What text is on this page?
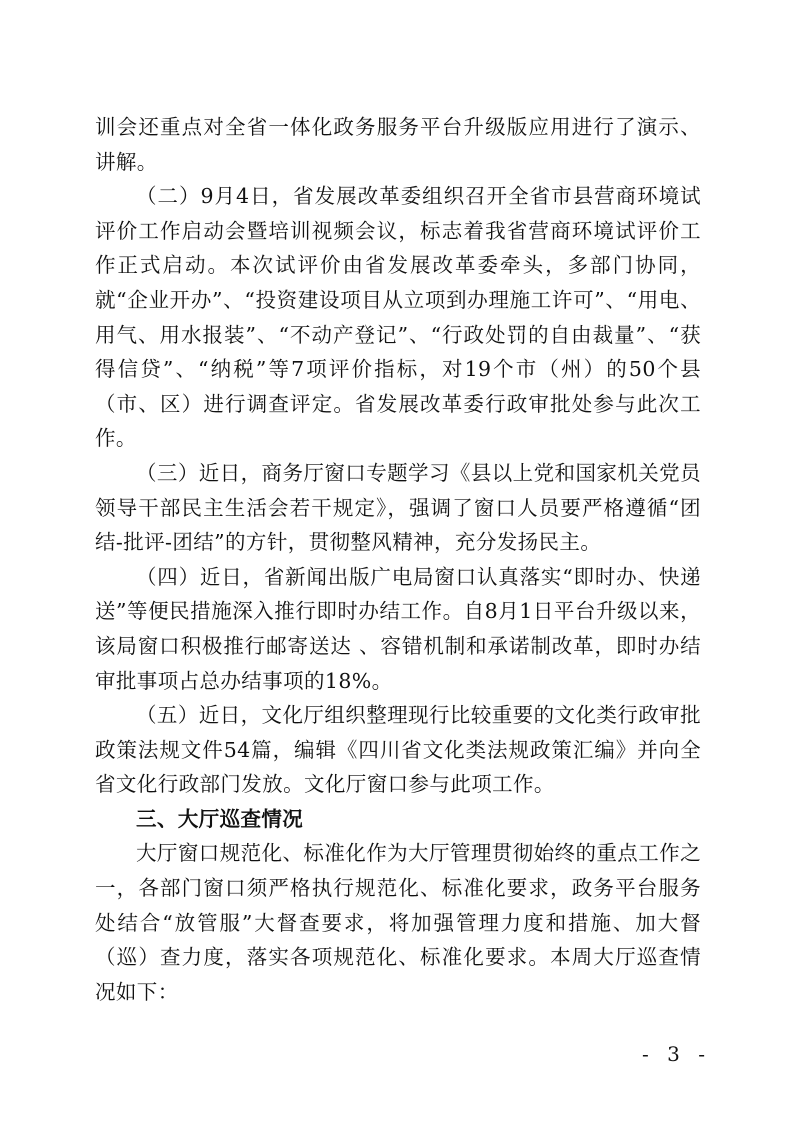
训会还重点对全省一体化政务服务平台升级版应用进行了演示、讲解。

（二）9月4日，省发展改革委组织召开全省市县营商环境试评价工作启动会暨培训视频会议，标志着我省营商环境试评价工作正式启动。本次试评价由省发展改革委牵头，多部门协同，就“企业开办”、“投资建设项目从立项到办理施工许可”、“用电、用气、用水报装”、“不动产登记”、“行政处罚的自由裁量”、“获得信贷”、“纳税”等7项评价指标，对19个市（州）的50个县（市、区）进行调查评定。省发展改革委行政审批处参与此次工作。

（三）近日，商务厅窗口专题学习《县以上党和国家机关党员领导干部民主生活会若干规定》，强调了窗口人员要严格遵循“团结-批评-团结”的方针，贯彻整风精神，充分发扬民主。

（四）近日，省新闻出版广电局窗口认真落实“即时办、快递送”等便民措施深入推行即时办结工作。自8月1日平台升级以来，该局窗口积极推行邮寄送达 、容错机制和承诺制改革，即时办结审批事项占总办结事项的18%。

（五）近日，文化厅组织整理现行比较重要的文化类行政审批政策法规文件54篇，编辑《四川省文化类法规政策汇编》并向全省文化行政部门发放。文化厅窗口参与此项工作。

三、大厅巡查情况

大厅窗口规范化、标准化作为大厅管理贯彻始终的重点工作之一，各部门窗口须严格执行规范化、标准化要求，政务平台服务处结合“放管服”大督查要求，将加强管理力度和措施、加大督（巡）查力度，落实各项规范化、标准化要求。本周大厅巡查情况如下：

- 3 -
